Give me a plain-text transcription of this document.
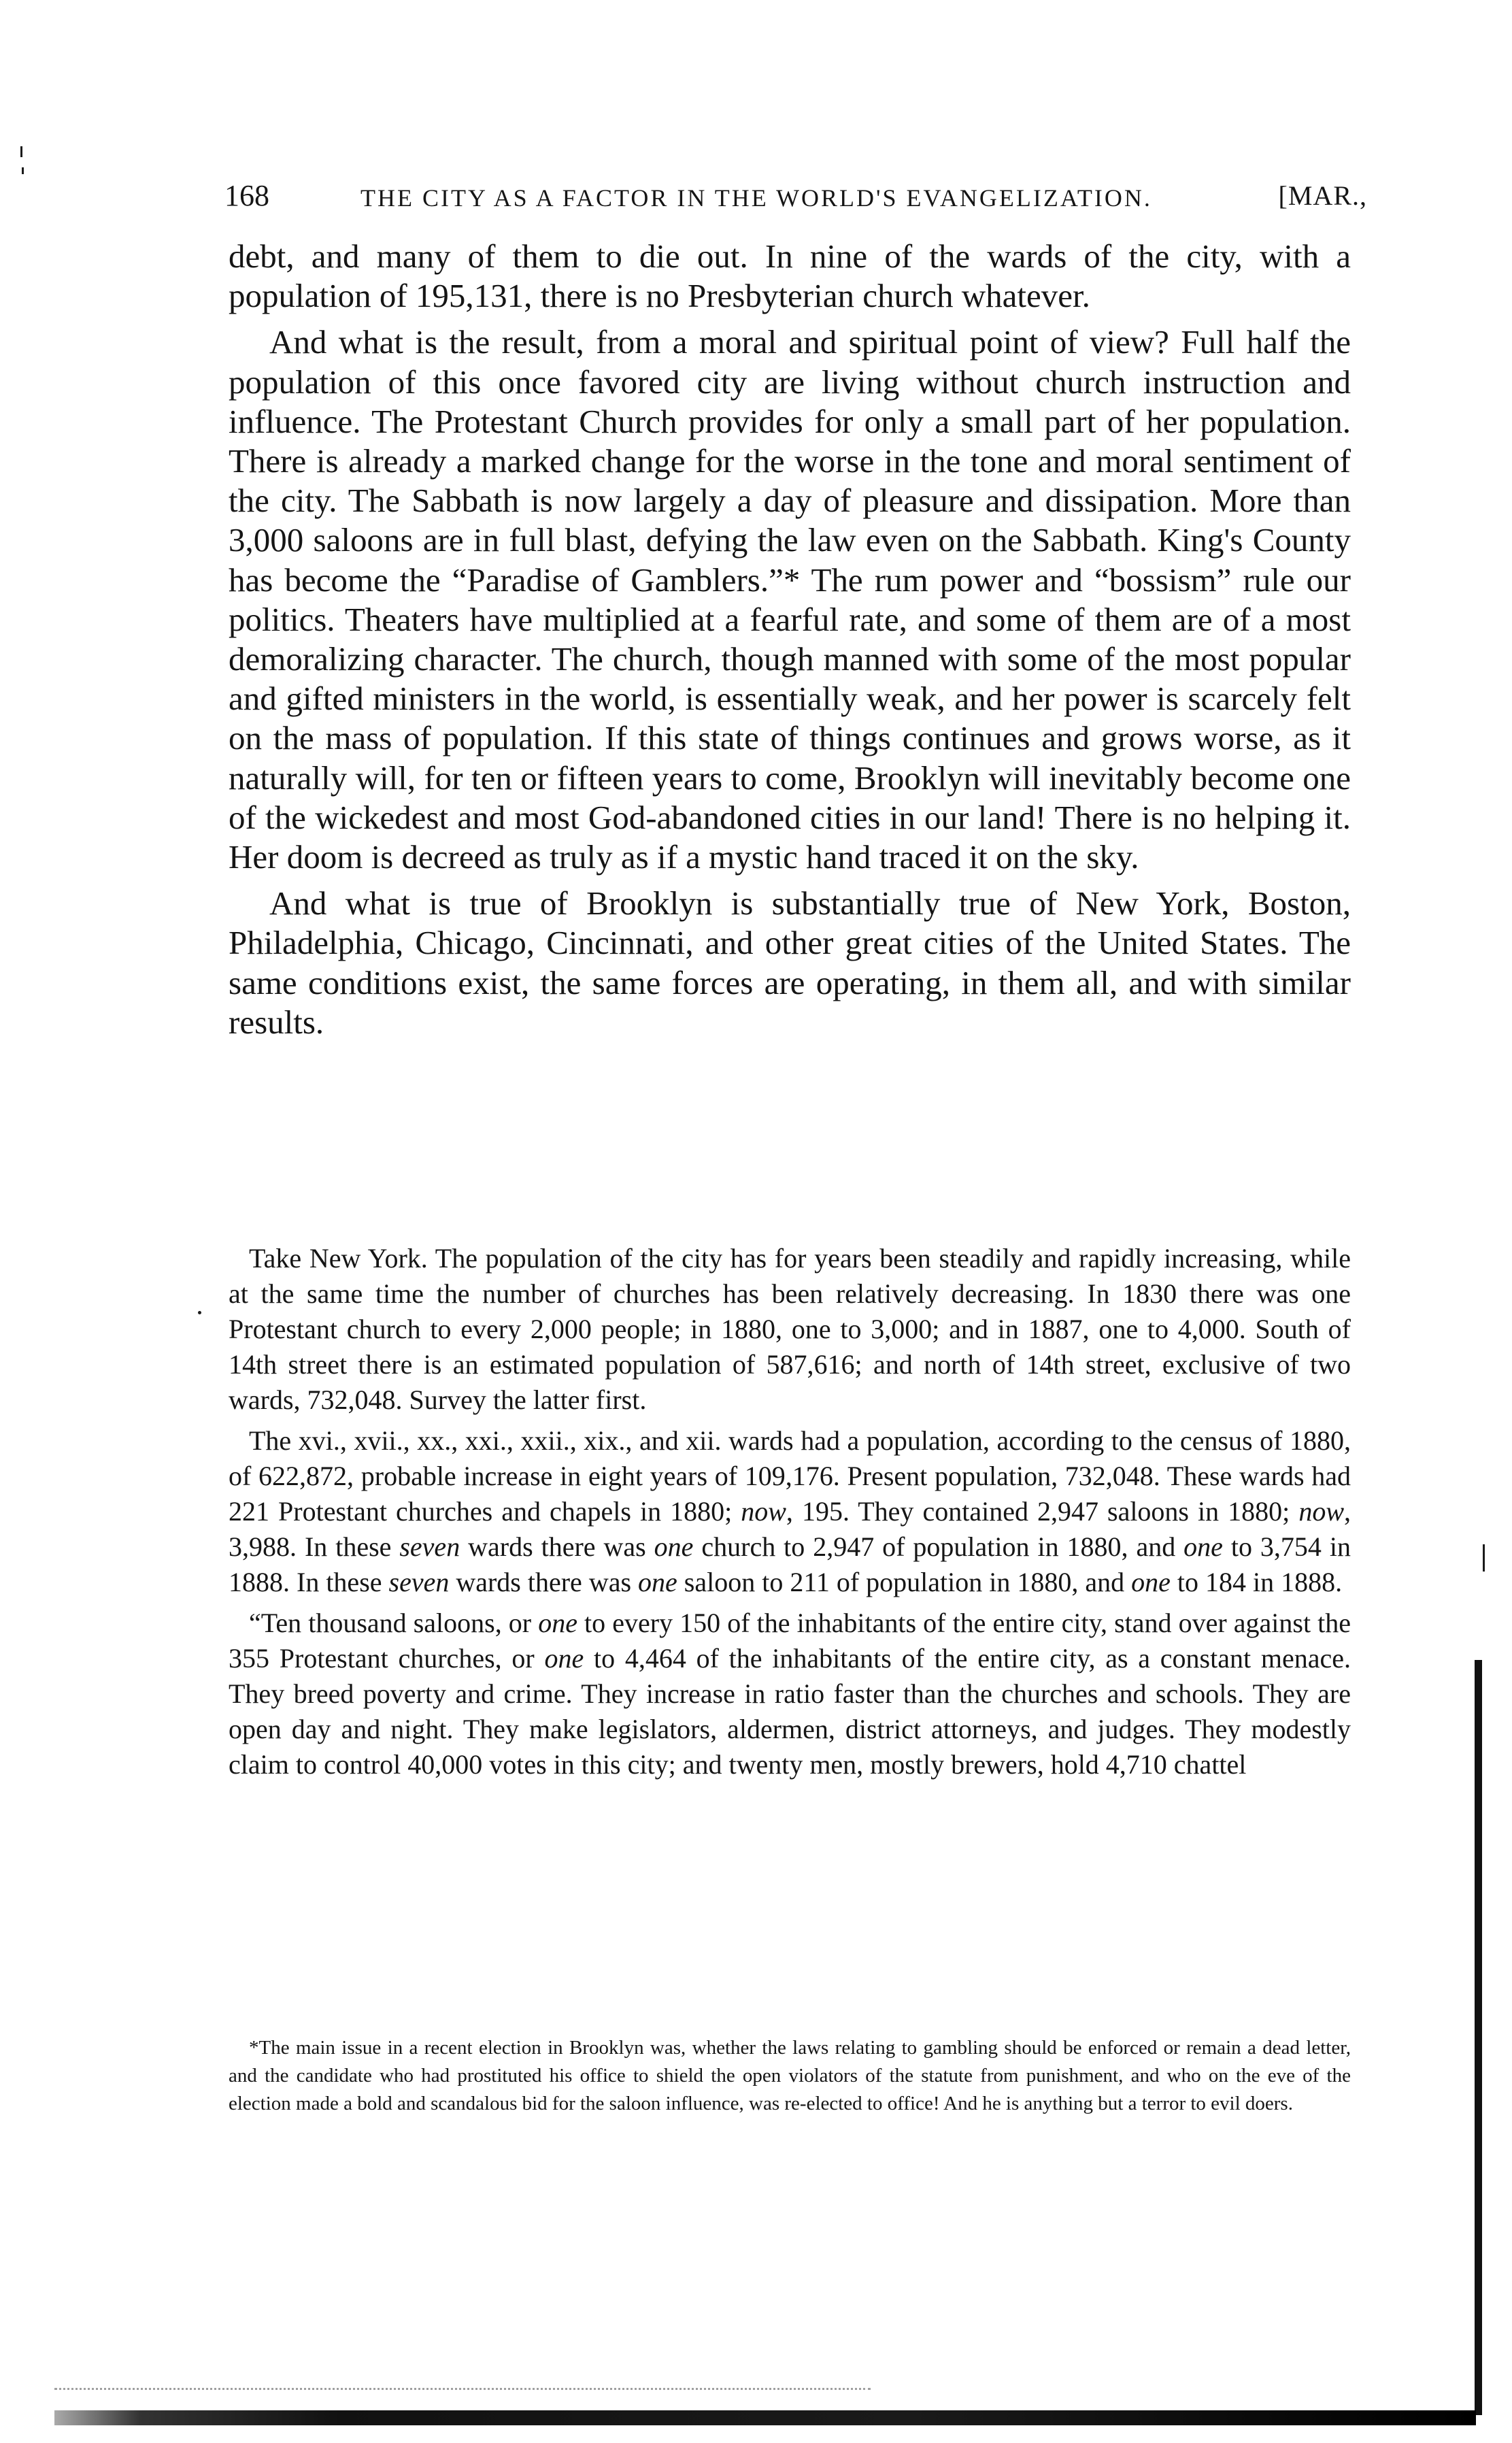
168	THE CITY AS A FACTOR IN THE WORLD'S EVANGELIZATION.	[MAR.,

debt, and many of them to die out. In nine of the wards of the city, with a population of 195,131, there is no Presbyterian church whatever.

And what is the result, from a moral and spiritual point of view? Full half the population of this once favored city are living without church instruction and influence. The Protestant Church provides for only a small part of her population. There is already a marked change for the worse in the tone and moral sentiment of the city. The Sabbath is now largely a day of pleasure and dissipation. More than 3,000 saloons are in full blast, defying the law even on the Sabbath. King's County has become the “Paradise of Gamblers.”* The rum power and “bossism” rule our politics. Theaters have multiplied at a fearful rate, and some of them are of a most demoralizing character. The church, though manned with some of the most popular and gifted ministers in the world, is essentially weak, and her power is scarcely felt on the mass of population. If this state of things continues and grows worse, as it naturally will, for ten or fifteen years to come, Brooklyn will inevitably become one of the wickedest and most God-abandoned cities in our land! There is no helping it. Her doom is decreed as truly as if a mystic hand traced it on the sky.

And what is true of Brooklyn is substantially true of New York, Boston, Philadelphia, Chicago, Cincinnati, and other great cities of the United States. The same conditions exist, the same forces are operating, in them all, and with similar results.

Take New York. The population of the city has for years been steadily and rapidly increasing, while at the same time the number of churches has been relatively decreasing. In 1830 there was one Protestant church to every 2,000 people; in 1880, one to 3,000; and in 1887, one to 4,000. South of 14th street there is an estimated population of 587,616; and north of 14th street, exclusive of two wards, 732,048. Survey the latter first.

The xvi., xvii., xx., xxi., xxii., xix., and xii. wards had a population, according to the census of 1880, of 622,872, probable increase in eight years of 109,176. Present population, 732,048. These wards had 221 Protestant churches and chapels in 1880; now, 195. They contained 2,947 saloons in 1880; now, 3,988. In these seven wards there was one church to 2,947 of population in 1880, and one to 3,754 in 1888. In these seven wards there was one saloon to 211 of population in 1880, and one to 184 in 1888.

“Ten thousand saloons, or one to every 150 of the inhabitants of the entire city, stand over against the 355 Protestant churches, or one to 4,464 of the inhabitants of the entire city, as a constant menace. They breed poverty and crime. They increase in ratio faster than the churches and schools. They are open day and night. They make legislators, aldermen, district attorneys, and judges. They modestly claim to control 40,000 votes in this city; and twenty men, mostly brewers, hold 4,710 chattel

*The main issue in a recent election in Brooklyn was, whether the laws relating to gambling should be enforced or remain a dead letter, and the candidate who had prostituted his office to shield the open violators of the statute from punishment, and who on the eve of the election made a bold and scandalous bid for the saloon influence, was re-elected to office! And he is anything but a terror to evil doers.
